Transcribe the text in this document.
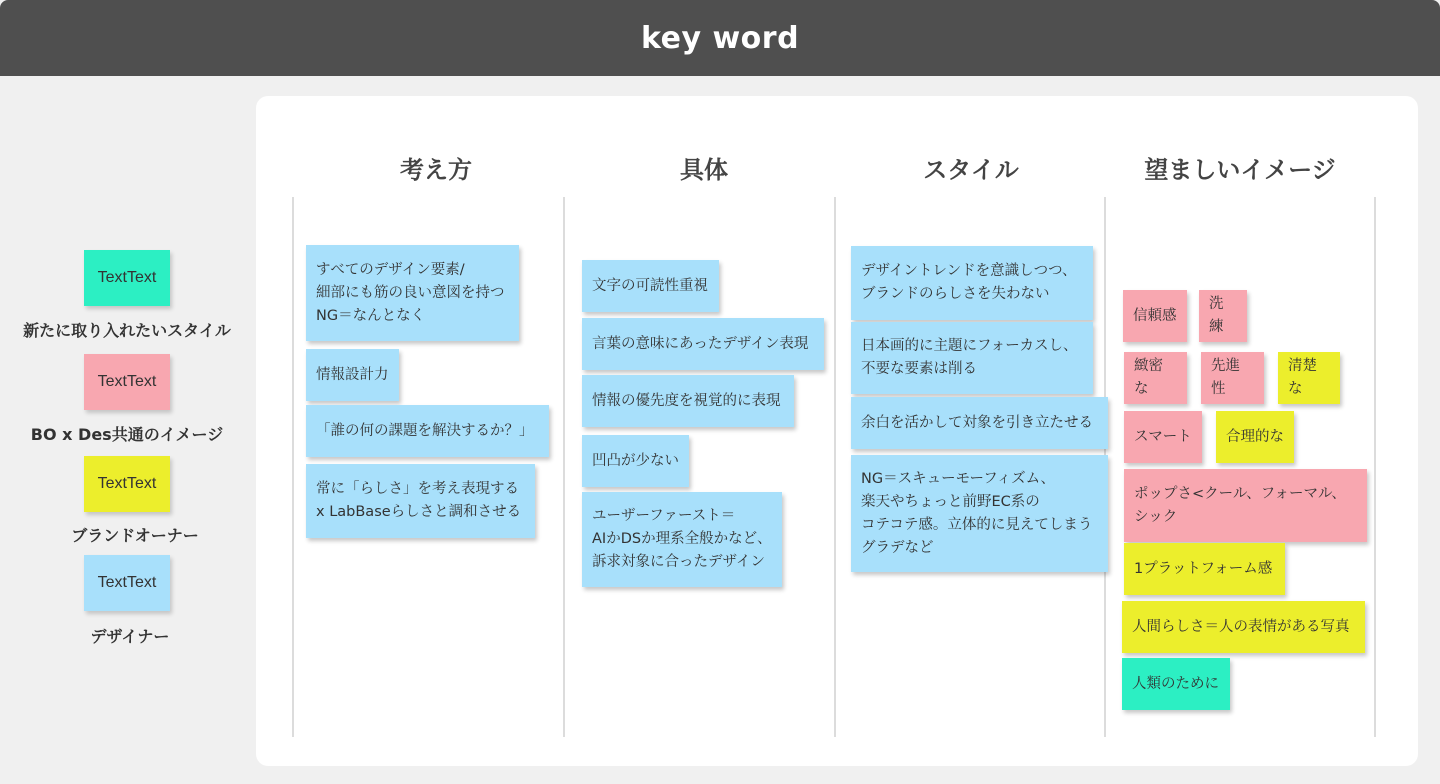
key word
TextText
新たに取り入れたいスタイル
TextText
BO x Des共通のイメージ
TextText
ブランドオーナー
TextText
デザイナー
考え方	具体	スタイル	望ましいイメージ
すべてのデザイン要素/
細部にも筋の良い意図を持つ
NG＝なんとなく
情報設計力
「誰の何の課題を解決するか？」
常に「らしさ」を考え表現する
x LabBaseらしさと調和させる
文字の可読性重視
言葉の意味にあったデザイン表現
情報の優先度を視覚的に表現
凹凸が少ない
ユーザーファースト＝
AIかDSか理系全般かなど、
訴求対象に合ったデザイン
デザイントレンドを意識しつつ、
ブランドのらしさを失わない
日本画的に主題にフォーカスし、
不要な要素は削る
余白を活かして対象を引き立たせる
NG＝スキューモーフィズム、
楽天やちょっと前野EC系の
コテコテ感。立体的に見えてしまう
グラデなど
信頼感
洗練
緻密な
先進性
清楚な
スマート	合理的な
ポップさ<クール、フォーマル、
シック
1プラットフォーム感
人間らしさ＝人の表情がある写真
人類のために
